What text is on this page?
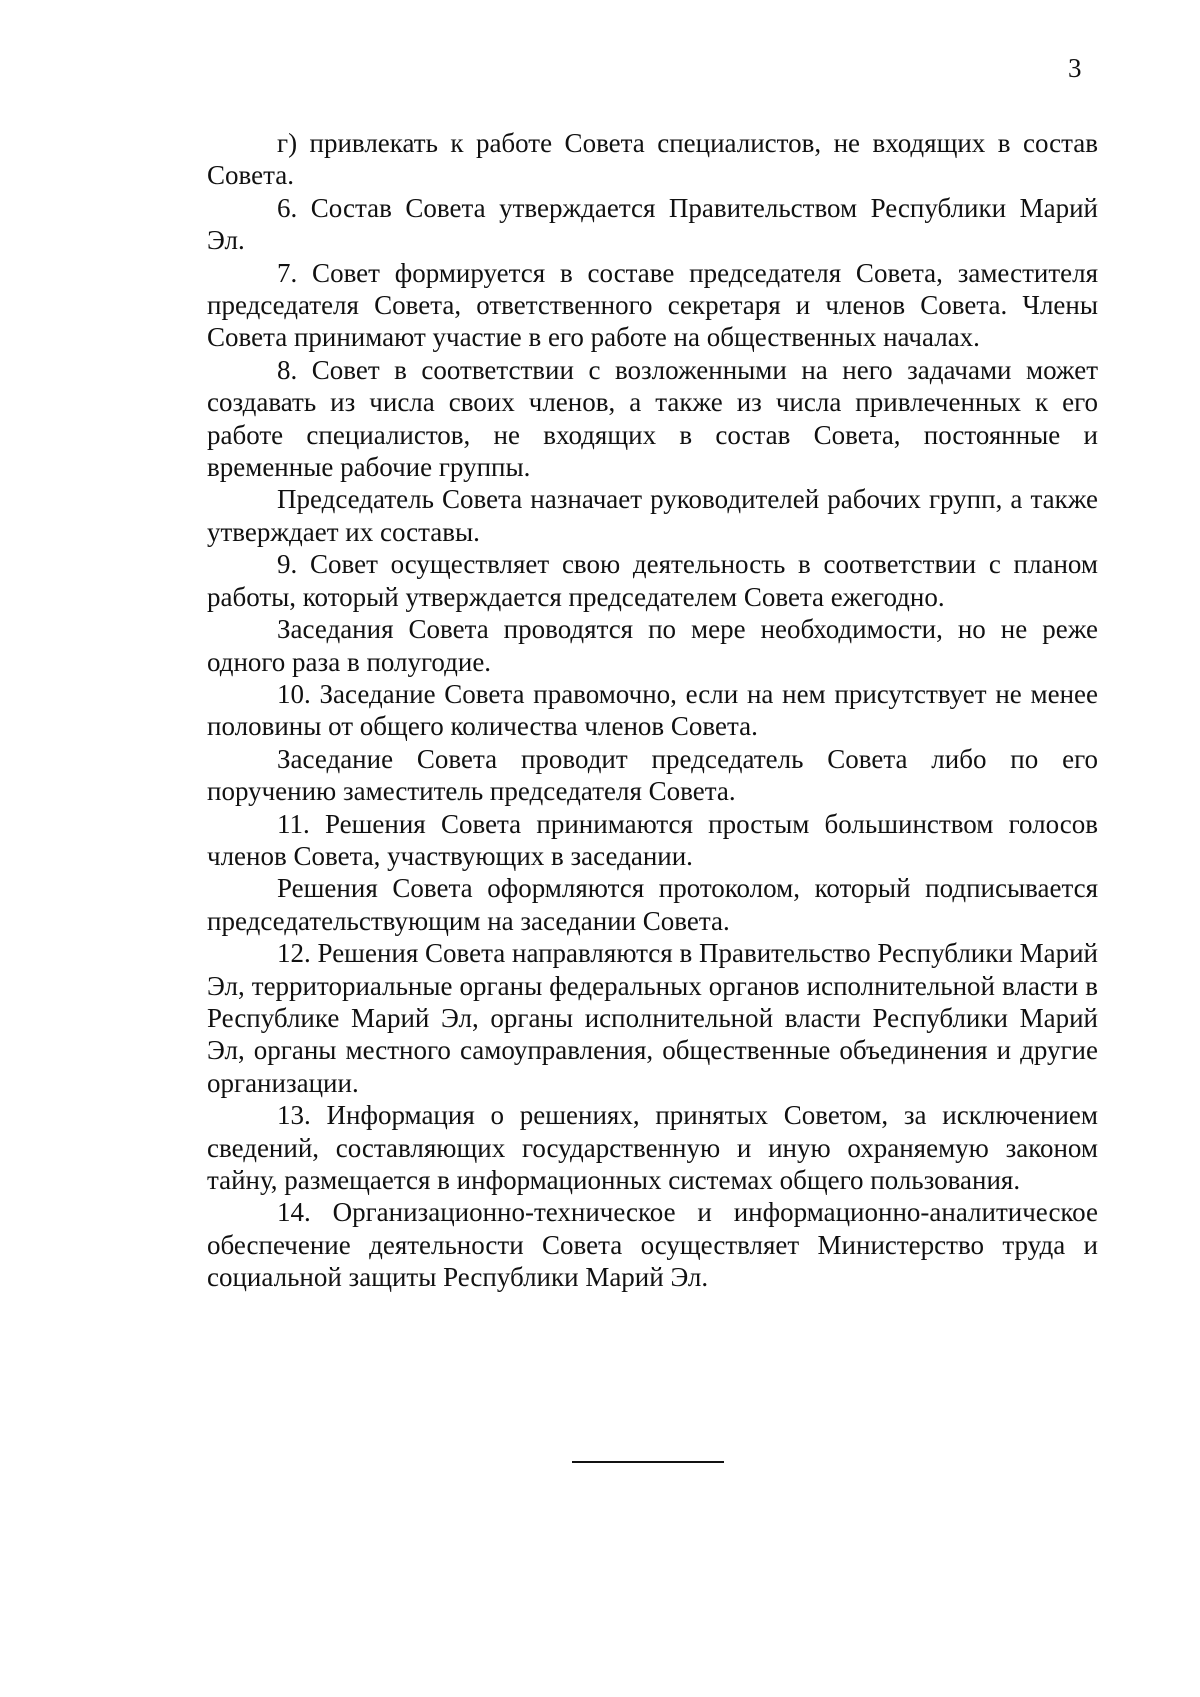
3

г) привлекать к работе Совета специалистов, не входящих в состав Совета.

6. Состав Совета утверждается Правительством Республики Марий Эл.

7. Совет формируется в составе председателя Совета, заместителя председателя Совета, ответственного секретаря и членов Совета. Члены Совета принимают участие в его работе на общественных началах.

8. Совет в соответствии с возложенными на него задачами может создавать из числа своих членов, а также из числа привлеченных к его работе специалистов, не входящих в состав Совета, постоянные и временные рабочие группы.

Председатель Совета назначает руководителей рабочих групп, а также утверждает их составы.

9. Совет осуществляет свою деятельность в соответствии с планом работы, который утверждается председателем Совета ежегодно.

Заседания Совета проводятся по мере необходимости, но не реже одного раза в полугодие.

10. Заседание Совета правомочно, если на нем присутствует не менее половины от общего количества членов Совета.

Заседание Совета проводит председатель Совета либо по его поручению заместитель председателя Совета.

11. Решения Совета принимаются простым большинством голосов членов Совета, участвующих в заседании.

Решения Совета оформляются протоколом, который подписывается председательствующим на заседании Совета.

12. Решения Совета направляются в Правительство Республики Марий Эл, территориальные органы федеральных органов исполнительной власти в Республике Марий Эл, органы исполнительной власти Республики Марий Эл, органы местного самоуправления, общественные объединения и другие организации.

13. Информация о решениях, принятых Советом, за исключением сведений, составляющих государственную и иную охраняемую законом тайну, размещается в информационных системах общего пользования.

14. Организационно-техническое и информационно-аналитическое обеспечение деятельности Совета осуществляет Министерство труда и социальной защиты Республики Марий Эл.
